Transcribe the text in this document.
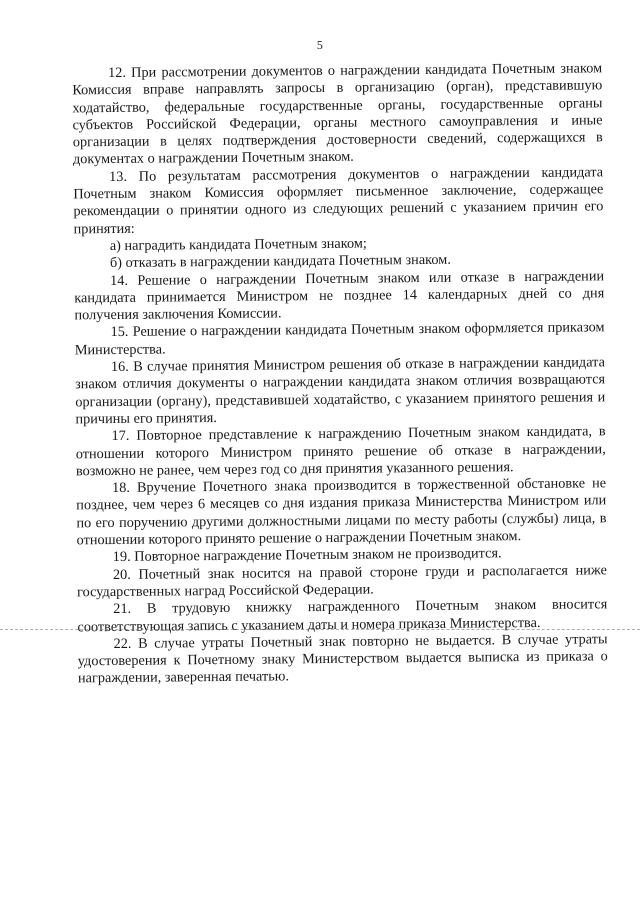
5

12. При рассмотрении документов о награждении кандидата Почетным знаком Комиссия вправе направлять запросы в организацию (орган), представившую ходатайство, федеральные государственные органы, государственные органы субъектов Российской Федерации, органы местного самоуправления и иные организации в целях подтверждения достоверности сведений, содержащихся в документах о награждении Почетным знаком.

13. По результатам рассмотрения документов о награждении кандидата Почетным знаком Комиссия оформляет письменное заключение, содержащее рекомендации о принятии одного из следующих решений с указанием причин его принятия:

а) наградить кандидата Почетным знаком;

б) отказать в награждении кандидата Почетным знаком.

14. Решение о награждении Почетным знаком или отказе в награждении кандидата принимается Министром не позднее 14 календарных дней со дня получения заключения Комиссии.

15. Решение о награждении кандидата Почетным знаком оформляется приказом Министерства.

16. В случае принятия Министром решения об отказе в награждении кандидата знаком отличия документы о награждении кандидата знаком отличия возвращаются организации (органу), представившей ходатайство, с указанием принятого решения и причины его принятия.

17. Повторное представление к награждению Почетным знаком кандидата, в отношении которого Министром принято решение об отказе в награждении, возможно не ранее, чем через год со дня принятия указанного решения.

18. Вручение Почетного знака производится в торжественной обстановке не позднее, чем через 6 месяцев со дня издания приказа Министерства Министром или по его поручению другими должностными лицами по месту работы (службы) лица, в отношении которого принято решение о награждении Почетным знаком.

19. Повторное награждение Почетным знаком не производится.

20. Почетный знак носится на правой стороне груди и располагается ниже государственных наград Российской Федерации.

21. В трудовую книжку награжденного Почетным знаком вносится соответствующая запись с указанием даты и номера приказа Министерства.

22. В случае утраты Почетный знак повторно не выдается. В случае утраты удостоверения к Почетному знаку Министерством выдается выписка из приказа о награждении, заверенная печатью.
